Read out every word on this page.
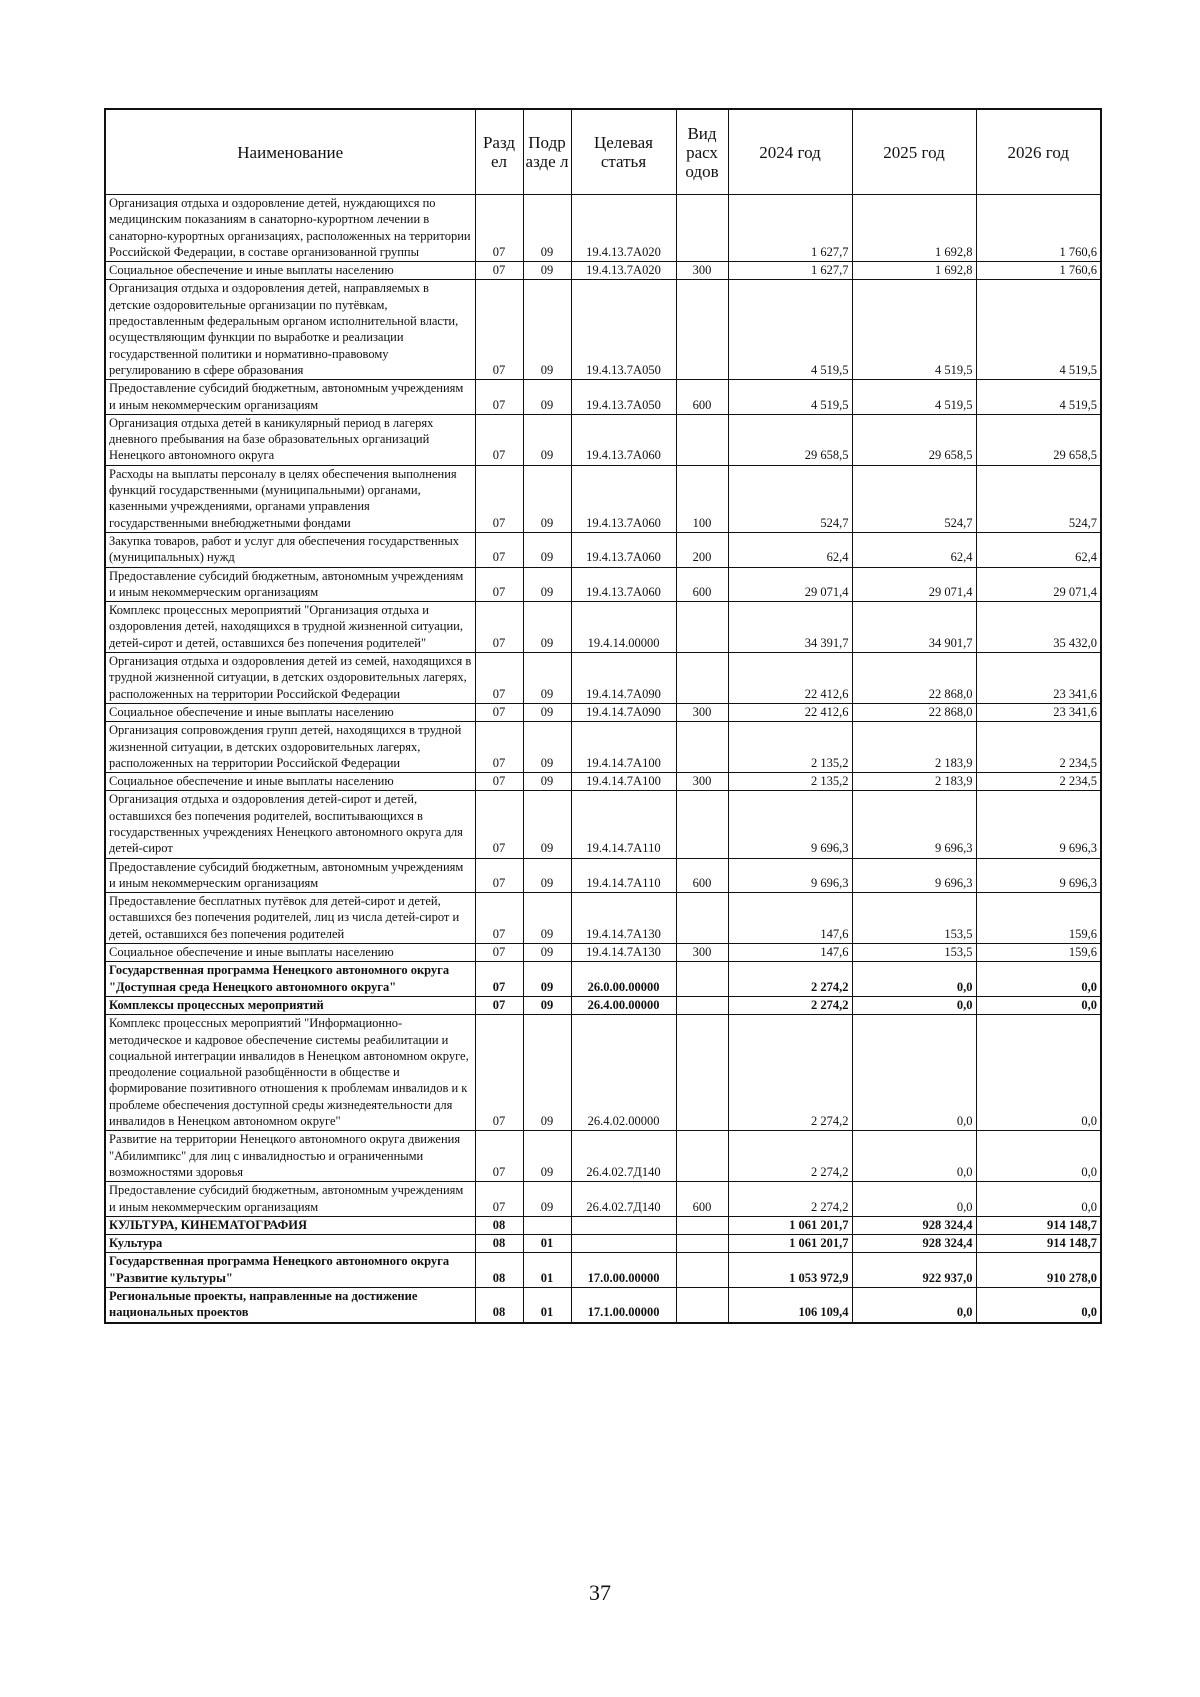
Наименование	Разд ел	Подр азде л	Целевая статья	Вид расх одов	2024 год	2025 год	2026 год
Организация отдыха и оздоровление детей, нуждающихся по медицинским показаниям в санаторно-курортном лечении в санаторно-курортных организациях, расположенных на территории Российской Федерации, в составе организованной группы	07	09	19.4.13.7А020		1 627,7	1 692,8	1 760,6
Социальное обеспечение и иные выплаты населению	07	09	19.4.13.7А020	300	1 627,7	1 692,8	1 760,6
Организация отдыха и оздоровления детей, направляемых в детские оздоровительные организации по путёвкам, предоставленным федеральным органом исполнительной власти, осуществляющим функции по выработке и реализации государственной политики и нормативно-правовому регулированию в сфере образования	07	09	19.4.13.7А050		4 519,5	4 519,5	4 519,5
Предоставление субсидий бюджетным, автономным учреждениям и иным некоммерческим организациям	07	09	19.4.13.7А050	600	4 519,5	4 519,5	4 519,5
Организация отдыха детей в каникулярный период в лагерях дневного пребывания на базе образовательных организаций Ненецкого автономного округа	07	09	19.4.13.7А060		29 658,5	29 658,5	29 658,5
Расходы на выплаты персоналу в целях обеспечения выполнения функций государственными (муниципальными) органами, казенными учреждениями, органами управления государственными внебюджетными фондами	07	09	19.4.13.7А060	100	524,7	524,7	524,7
Закупка товаров, работ и услуг для обеспечения государственных (муниципальных) нужд	07	09	19.4.13.7А060	200	62,4	62,4	62,4
Предоставление субсидий бюджетным, автономным учреждениям и иным некоммерческим организациям	07	09	19.4.13.7А060	600	29 071,4	29 071,4	29 071,4
Комплекс процессных мероприятий "Организация отдыха и оздоровления детей, находящихся в трудной жизненной ситуации, детей-сирот и детей, оставшихся без попечения родителей"	07	09	19.4.14.00000		34 391,7	34 901,7	35 432,0
Организация отдыха и оздоровления детей из семей, находящихся в трудной жизненной ситуации, в детских оздоровительных лагерях, расположенных на территории Российской Федерации	07	09	19.4.14.7А090		22 412,6	22 868,0	23 341,6
Социальное обеспечение и иные выплаты населению	07	09	19.4.14.7А090	300	22 412,6	22 868,0	23 341,6
Организация сопровождения групп детей, находящихся в трудной жизненной ситуации, в детских оздоровительных лагерях, расположенных на территории Российской Федерации	07	09	19.4.14.7А100		2 135,2	2 183,9	2 234,5
Социальное обеспечение и иные выплаты населению	07	09	19.4.14.7А100	300	2 135,2	2 183,9	2 234,5
Организация отдыха и оздоровления детей-сирот и детей, оставшихся без попечения родителей, воспитывающихся в государственных учреждениях Ненецкого автономного округа для детей-сирот	07	09	19.4.14.7А110		9 696,3	9 696,3	9 696,3
Предоставление субсидий бюджетным, автономным учреждениям и иным некоммерческим организациям	07	09	19.4.14.7А110	600	9 696,3	9 696,3	9 696,3
Предоставление бесплатных путёвок для детей-сирот и детей, оставшихся без попечения родителей, лиц из числа детей-сирот и детей, оставшихся без попечения родителей	07	09	19.4.14.7А130		147,6	153,5	159,6
Социальное обеспечение и иные выплаты населению	07	09	19.4.14.7А130	300	147,6	153,5	159,6
Государственная программа Ненецкого автономного округа "Доступная среда Ненецкого автономного округа"	07	09	26.0.00.00000		2 274,2	0,0	0,0
Комплексы процессных мероприятий	07	09	26.4.00.00000		2 274,2	0,0	0,0
Комплекс процессных мероприятий "Информационно-методическое и кадровое обеспечение системы реабилитации и социальной интеграции инвалидов в Ненецком автономном округе, преодоление социальной разобщённости в обществе и формирование позитивного отношения к проблемам инвалидов и к проблеме обеспечения доступной среды жизнедеятельности для инвалидов в Ненецком автономном округе"	07	09	26.4.02.00000		2 274,2	0,0	0,0
Развитие на территории Ненецкого автономного округа движения "Абилимпикс" для лиц с инвалидностью и ограниченными возможностями здоровья	07	09	26.4.02.7Д140		2 274,2	0,0	0,0
Предоставление субсидий бюджетным, автономным учреждениям и иным некоммерческим организациям	07	09	26.4.02.7Д140	600	2 274,2	0,0	0,0
КУЛЬТУРА, КИНЕМАТОГРАФИЯ	08				1 061 201,7	928 324,4	914 148,7
Культура	08	01			1 061 201,7	928 324,4	914 148,7
Государственная программа Ненецкого автономного округа "Развитие культуры"	08	01	17.0.00.00000		1 053 972,9	922 937,0	910 278,0
Региональные проекты, направленные на достижение национальных проектов	08	01	17.1.00.00000		106 109,4	0,0	0,0
37
